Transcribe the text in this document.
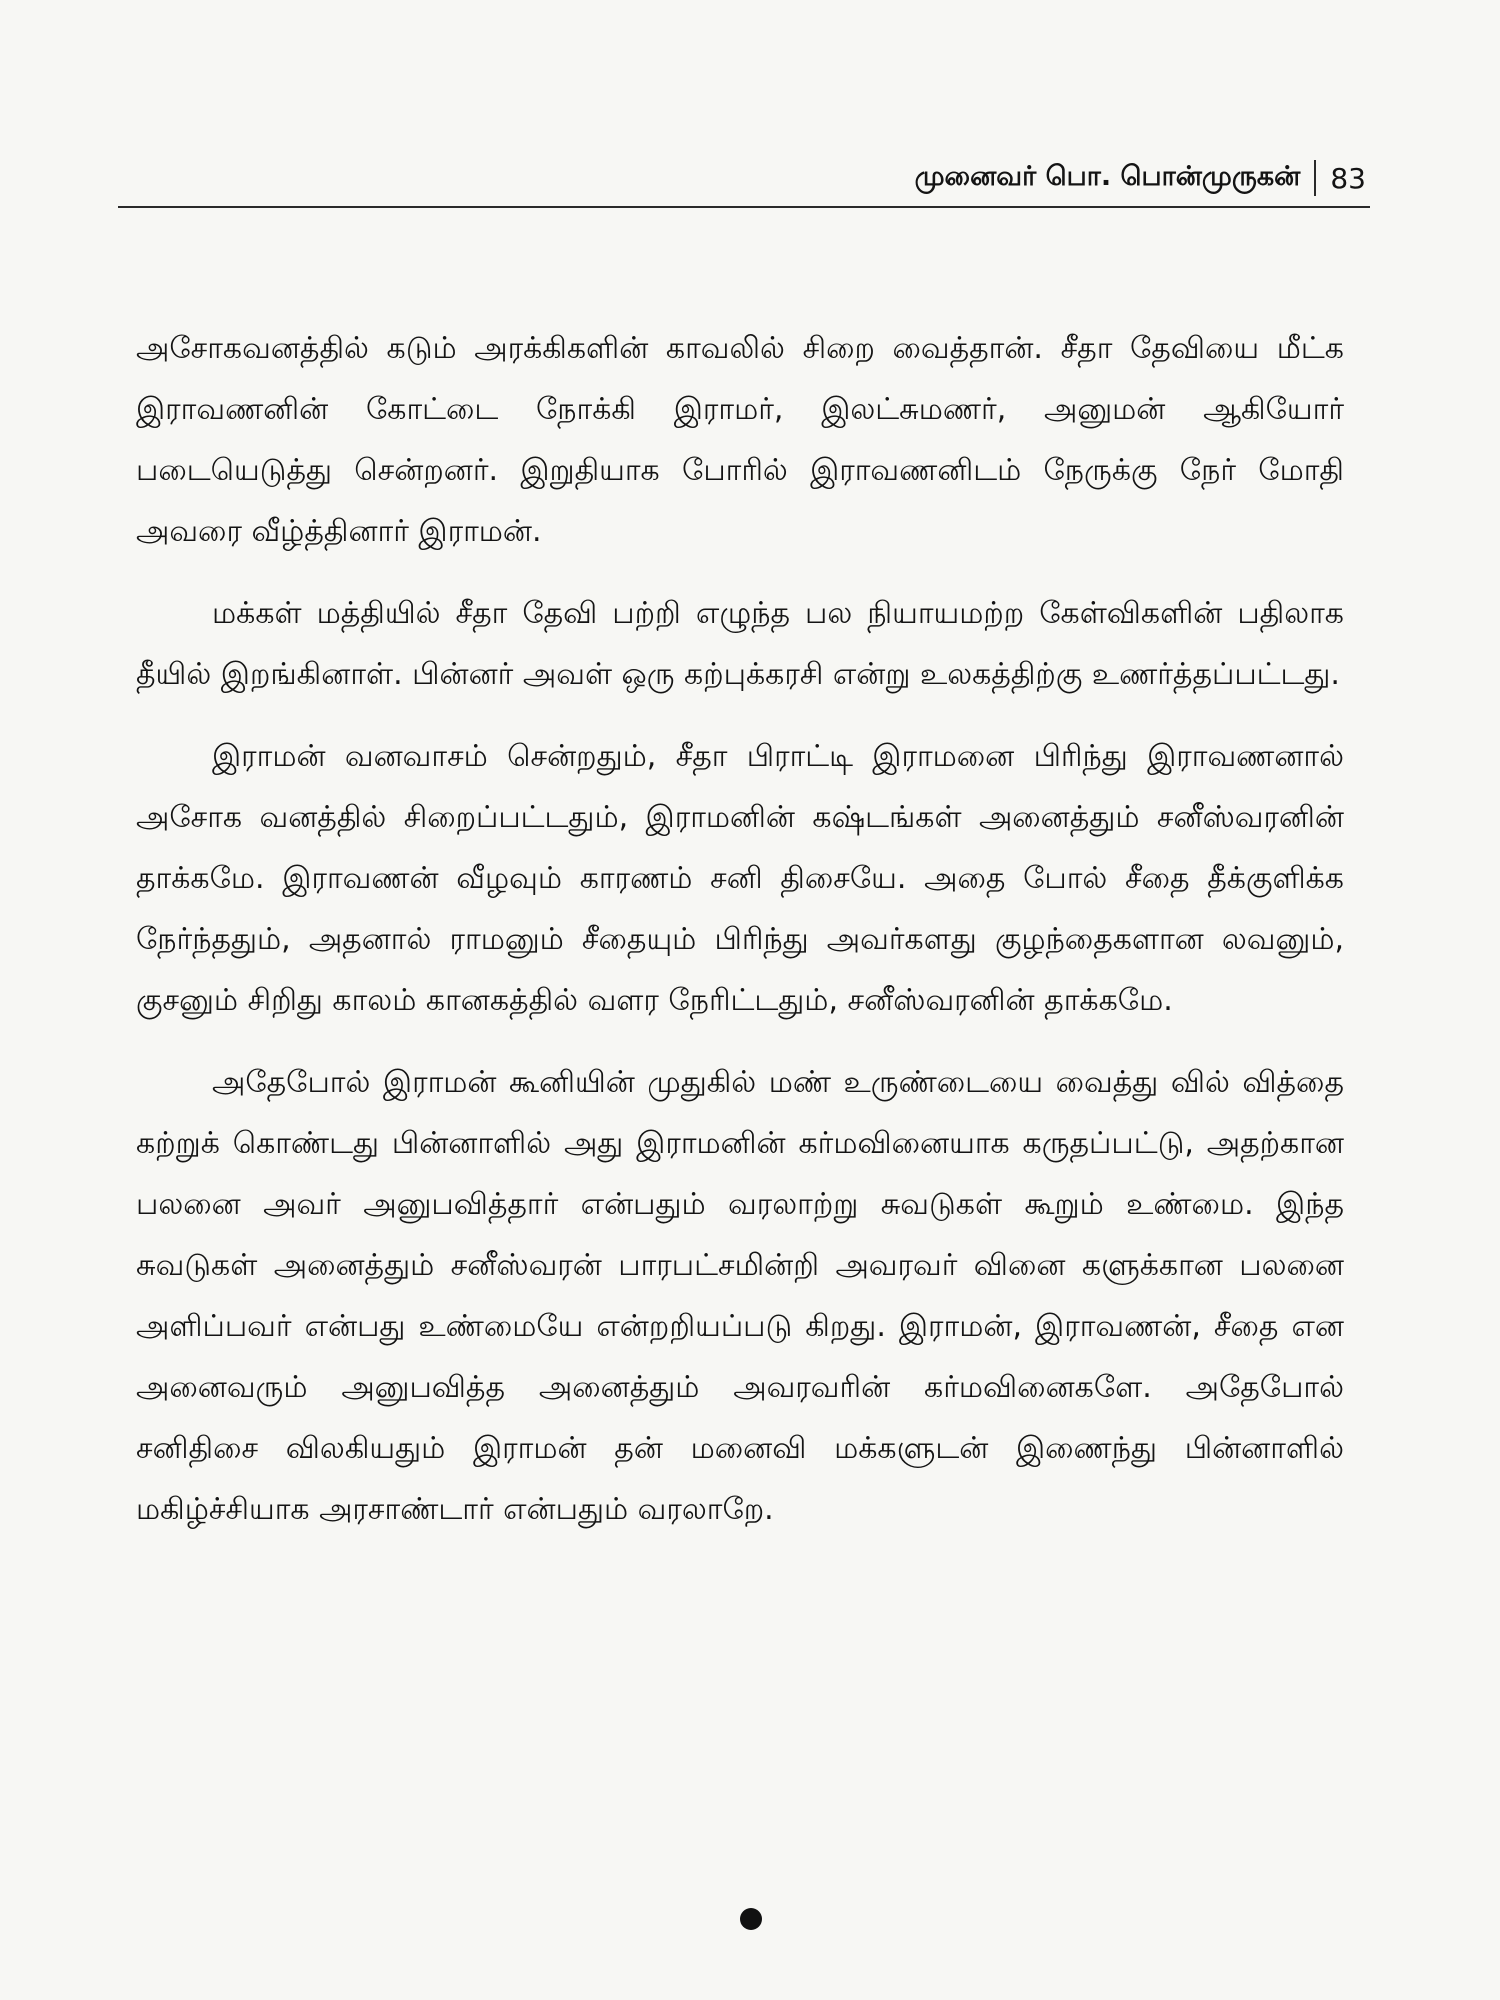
முனைவர் பொ. பொன்முருகன்	83

அசோகவனத்தில் கடும் அரக்கிகளின் காவலில் சிறை வைத்தான். சீதா தேவியை மீட்க இராவணனின் கோட்டை நோக்கி இராமர், இலட்சுமணர், அனுமன் ஆகியோர் படையெடுத்து சென்றனர். இறுதியாக போரில் இராவணனிடம் நேருக்கு நேர் மோதி அவரை வீழ்த்தினார் இராமன்.

மக்கள் மத்தியில் சீதா தேவி பற்றி எழுந்த பல நியாயமற்ற கேள்விகளின் பதிலாக தீயில் இறங்கினாள். பின்னர் அவள் ஒரு கற்புக்கரசி என்று உலகத்திற்கு உணர்த்தப்பட்டது.

இராமன் வனவாசம் சென்றதும், சீதா பிராட்டி இராமனை பிரிந்து இராவணனால் அசோக வனத்தில் சிறைப்பட்டதும், இராமனின் கஷ்டங்கள் அனைத்தும் சனீஸ்வரனின் தாக்கமே. இராவணன் வீழவும் காரணம் சனி திசையே. அதை போல் சீதை தீக்குளிக்க நேர்ந்ததும், அதனால் ராமனும் சீதையும் பிரிந்து அவர்களது குழந்தைகளான லவனும், குசனும் சிறிது காலம் கானகத்தில் வளர நேரிட்டதும், சனீஸ்வரனின் தாக்கமே.

அதேபோல் இராமன் கூனியின் முதுகில் மண் உருண்டையை வைத்து வில் வித்தை கற்றுக் கொண்டது பின்னாளில் அது இராமனின் கர்மவினையாக கருதப்பட்டு, அதற்கான பலனை அவர் அனுபவித்தார் என்பதும் வரலாற்று சுவடுகள் கூறும் உண்மை. இந்த சுவடுகள் அனைத்தும் சனீஸ்வரன் பாரபட்சமின்றி அவரவர் வினை களுக்கான பலனை அளிப்பவர் என்பது உண்மையே என்றறியப்படு கிறது. இராமன், இராவணன், சீதை என அனைவரும் அனுபவித்த அனைத்தும் அவரவரின் கர்மவினைகளே. அதேபோல் சனிதிசை விலகியதும் இராமன் தன் மனைவி மக்களுடன் இணைந்து பின்னாளில் மகிழ்ச்சியாக அரசாண்டார் என்பதும் வரலாறே.
